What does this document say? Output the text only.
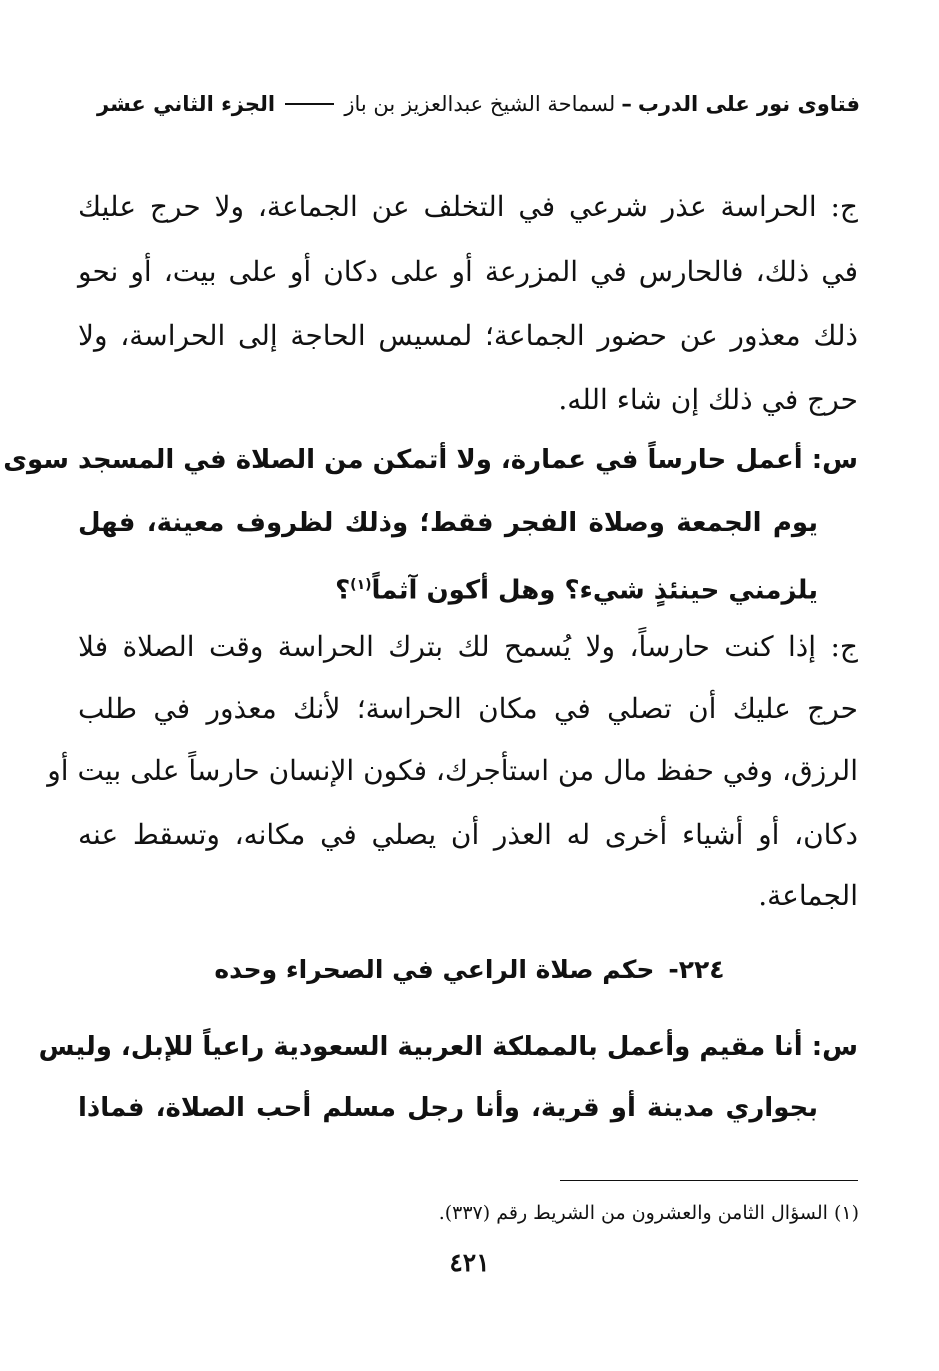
فتاوى نور على الدرب
–
لسماحة الشيخ عبدالعزيز بن باز
الجزء الثاني عشر
ج: الحراسة عذر شرعي في التخلف عن الجماعة، ولا حرج عليك
في ذلك، فالحارس في المزرعة أو على دكان أو على بيت، أو نحو
ذلك معذور عن حضور الجماعة؛ لمسيس الحاجة إلى الحراسة، ولا
حرج في ذلك إن شاء الله.
س: أعمل حارساً في عمارة، ولا أتمكن من الصلاة في المسجد سوى
يوم الجمعة وصلاة الفجر فقط؛ وذلك لظروف معينة، فهل
يلزمني حينئذٍ شيء؟ وهل أكون آثماً$^{(١)}$؟
ج: إذا كنت حارساً، ولا يُسمح لك بترك الحراسة وقت الصلاة فلا
حرج عليك أن تصلي في مكان الحراسة؛ لأنك معذور في طلب
الرزق، وفي حفظ مال من استأجرك، فكون الإنسان حارساً على بيت أو
دكان، أو أشياء أخرى له العذر أن يصلي في مكانه، وتسقط عنه
الجماعة.
٢٢٤-حكم صلاة الراعي في الصحراء وحده
س: أنا مقيم وأعمل بالمملكة العربية السعودية راعياً للإبل، وليس
بجواري مدينة أو قرية، وأنا رجل مسلم أحب الصلاة، فماذا
(١) السؤال الثامن والعشرون من الشريط رقم (٣٣٧).
٤٢١
